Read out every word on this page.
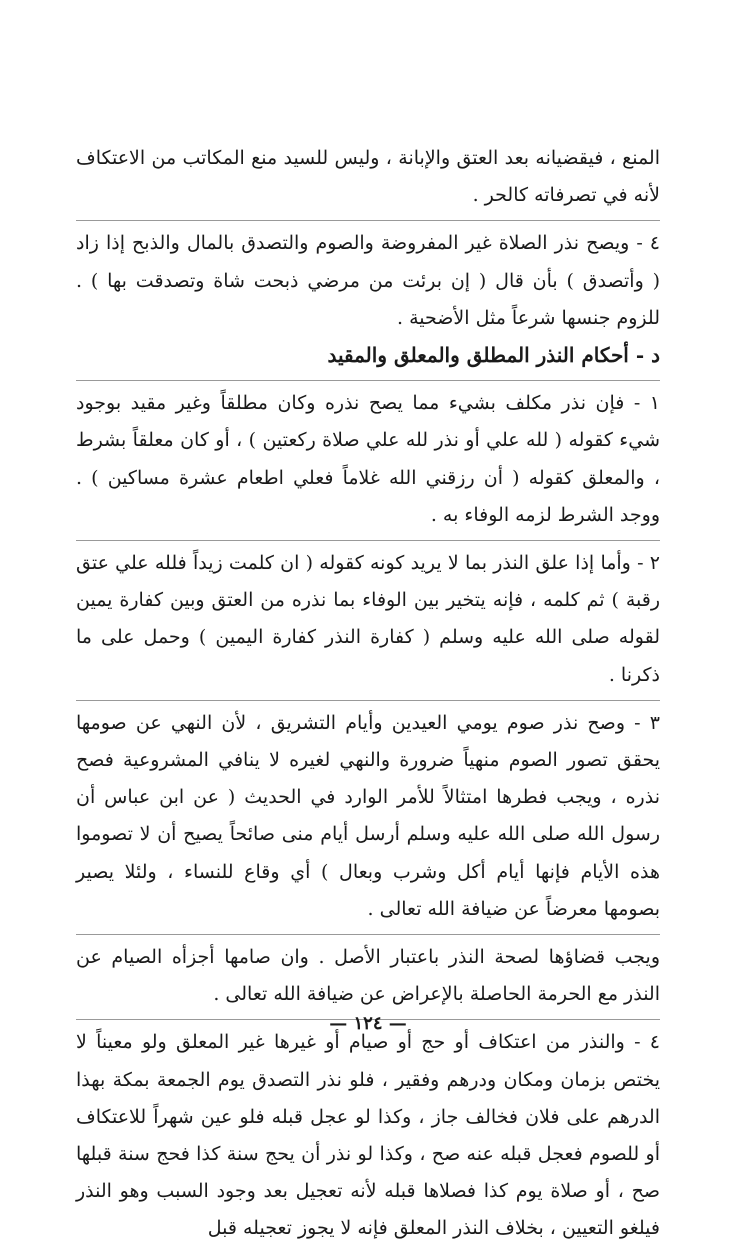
المنع ، فيقضيانه بعد العتق والإبانة ، وليس للسيد منع المكاتب من الاعتكاف لأنه في تصرفاته كالحر .

٤ - ويصح نذر الصلاة غير المفروضة والصوم والتصدق بالمال والذبح إذا زاد ( وأتصدق ) بأن قال ( إن برئت من مرضي ذبحت شاة وتصدقت بها ) . للزوم جنسها شرعاً مثل الأضحية .

د - أحكام النذر المطلق والمعلق والمقيد

١ - فإن نذر مكلف بشيء مما يصح نذره وكان مطلقاً وغير مقيد بوجود شيء كقوله ( لله علي أو نذر لله علي صلاة ركعتين ) ، أو كان معلقاً بشرط ، والمعلق كقوله ( أن رزقني الله غلاماً فعلي اطعام عشرة مساكين ) . ووجد الشرط لزمه الوفاء به .

٢ - وأما إذا علق النذر بما لا يريد كونه كقوله ( ان كلمت زيداً فلله علي عتق رقبة ) ثم كلمه ، فإنه يتخير بين الوفاء بما نذره من العتق وبين كفارة يمين لقوله صلى الله عليه وسلم ( كفارة النذر كفارة اليمين ) وحمل على ما ذكرنا .

٣ - وصح نذر صوم يومي العيدين وأيام التشريق ، لأن النهي عن صومها يحقق تصور الصوم منهياً ضرورة والنهي لغيره لا ينافي المشروعية فصح نذره ، ويجب فطرها امتثالاً للأمر الوارد في الحديث ( عن ابن عباس أن رسول الله صلى الله عليه وسلم أرسل أيام منى صائحاً يصيح أن لا تصوموا هذه الأيام فإنها أيام أكل وشرب وبعال ) أي وقاع للنساء ، ولئلا يصير بصومها معرضاً عن ضيافة الله تعالى .

ويجب قضاؤها لصحة النذر باعتبار الأصل . وان صامها أجزأه الصيام عن النذر مع الحرمة الحاصلة بالإعراض عن ضيافة الله تعالى .

٤ - والنذر من اعتكاف أو حج أو صيام أو غيرها غير المعلق ولو معيناً لا يختص بزمان ومكان ودرهم وفقير ، فلو نذر التصدق يوم الجمعة بمكة بهذا الدرهم على فلان فخالف جاز ، وكذا لو عجل قبله فلو عين شهراً للاعتكاف أو للصوم فعجل قبله عنه صح ، وكذا لو نذر أن يحج سنة كذا فحج سنة قبلها صح ، أو صلاة يوم كذا فصلاها قبله لأنه تعجيل بعد وجود السبب وهو النذر فيلغو التعيين ، بخلاف النذر المعلق فإنه لا يجوز تعجيله قبل

— ١٢٤ —
